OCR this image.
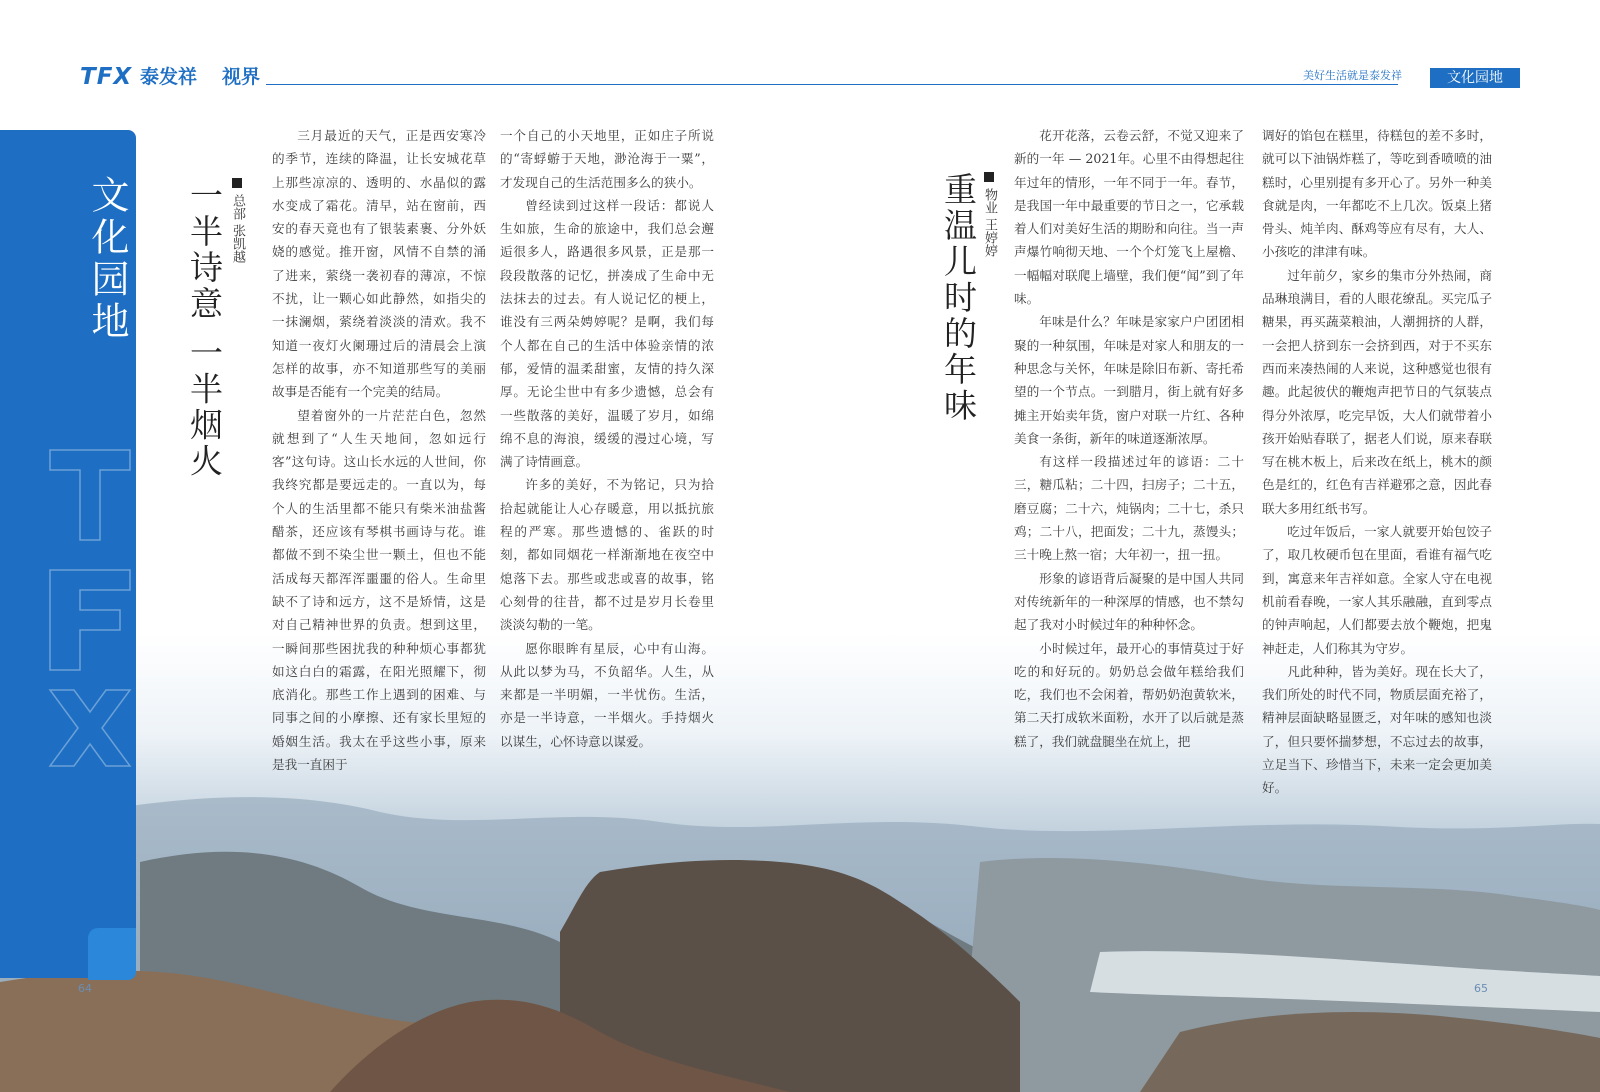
TFX 泰发祥 视界	美好生活就是泰发祥	文化园地
文化园地 一半诗意 一半烟火 总部 张凯越

三月最近的天气，正是西安寒冷的季节，连续的降温，让长安城花草上那些凉凉的、透明的、水晶似的露水变成了霜花。清早，站在窗前，西安的春天竟也有了银装素裹、分外妖娆的感觉。推开窗，风情不自禁的涌了进来，萦绕一袭初春的薄凉，不惊不扰，让一颗心如此静然，如指尖的一抹澜烟，萦绕着淡淡的清欢。我不知道一夜灯火阑珊过后的清晨会上演怎样的故事，亦不知道那些写的美丽故事是否能有一个完美的结局。

望着窗外的一片茫茫白色，忽然就想到了“人生天地间，忽如远行客”这句诗。这山长水远的人世间，你我终究都是要远走的。一直以为，每个人的生活里都不能只有柴米油盐酱醋茶，还应该有琴棋书画诗与花。谁都做不到不染尘世一颗土，但也不能活成每天都浑浑噩噩的俗人。生命里缺不了诗和远方，这不是矫情，这是对自己精神世界的负责。想到这里，一瞬间那些困扰我的种种烦心事都犹如这白白的霜露，在阳光照耀下，彻底消化。那些工作上遇到的困难、与同事之间的小摩擦、还有家长里短的婚姻生活。我太在乎这些小事，原来是我一直困于

一个自己的小天地里，正如庄子所说的“寄蜉蝣于天地，渺沧海于一粟”，才发现自己的生活范围多么的狭小。

曾经读到过这样一段话：都说人生如旅，生命的旅途中，我们总会邂逅很多人，路遇很多风景，正是那一段段散落的记忆，拼凑成了生命中无法抹去的过去。有人说记忆的梗上，谁没有三两朵娉婷呢？是啊，我们每个人都在自己的生活中体验亲情的浓郁，爱情的温柔甜蜜，友情的持久深厚。无论尘世中有多少遗憾，总会有一些散落的美好，温暖了岁月，如绵绵不息的海浪，缓缓的漫过心境，写满了诗情画意。

许多的美好，不为铭记，只为拾拾起就能让人心存暖意，用以抵抗旅程的严寒。那些遗憾的、雀跃的时刻，都如同烟花一样渐渐地在夜空中熄落下去。那些或悲或喜的故事，铭心刻骨的往昔，都不过是岁月长卷里淡淡勾勒的一笔。

愿你眼眸有星辰，心中有山海。从此以梦为马，不负韶华。人生，从来都是一半明媚，一半忧伤。生活，亦是一半诗意，一半烟火。手持烟火以谋生，心怀诗意以谋爱。

重温儿时的年味 物业 王婷婷

花开花落，云卷云舒，不觉又迎来了新的一年 — 2021年。心里不由得想起往年过年的情形，一年不同于一年。春节，是我国一年中最重要的节日之一，它承载着人们对美好生活的期盼和向往。当一声声爆竹响彻天地、一个个灯笼飞上屋檐、一幅幅对联爬上墙壁，我们便“闻”到了年味。

年味是什么？年味是家家户户团团相聚的一种氛围，年味是对家人和朋友的一种思念与关怀，年味是除旧布新、寄托希望的一个节点。一到腊月，街上就有好多摊主开始卖年货，窗户对联一片红、各种美食一条街，新年的味道逐渐浓厚。

有这样一段描述过年的谚语：二十三，糖瓜粘；二十四，扫房子；二十五，磨豆腐；二十六，炖锅肉；二十七，杀只鸡；二十八，把面发；二十九，蒸馒头；三十晚上熬一宿；大年初一，扭一扭。

形象的谚语背后凝聚的是中国人共同对传统新年的一种深厚的情感，也不禁勾起了我对小时候过年的种种怀念。

小时候过年，最开心的事情莫过于好吃的和好玩的。奶奶总会做年糕给我们吃，我们也不会闲着，帮奶奶泡黄软米，第二天打成软米面粉，水开了以后就是蒸糕了，我们就盘腿坐在炕上，把

调好的馅包在糕里，待糕包的差不多时，就可以下油锅炸糕了，等吃到香喷喷的油糕时，心里别提有多开心了。另外一种美食就是肉，一年都吃不上几次。饭桌上猪骨头、炖羊肉、酥鸡等应有尽有，大人、小孩吃的津津有味。

过年前夕，家乡的集市分外热闹，商品琳琅满目，看的人眼花缭乱。买完瓜子糖果，再买蔬菜粮油，人潮拥挤的人群，一会把人挤到东一会挤到西，对于不买东西而来凑热闹的人来说，这种感觉也很有趣。此起彼伏的鞭炮声把节日的气氛装点得分外浓厚，吃完早饭，大人们就带着小孩开始贴春联了，据老人们说，原来春联写在桃木板上，后来改在纸上，桃木的颜色是红的，红色有吉祥避邪之意，因此春联大多用红纸书写。

吃过年饭后，一家人就要开始包饺子了，取几枚硬币包在里面，看谁有福气吃到，寓意来年吉祥如意。全家人守在电视机前看春晚，一家人其乐融融，直到零点的钟声响起，人们都要去放个鞭炮，把鬼神赶走，人们称其为守岁。

凡此种种，皆为美好。现在长大了，我们所处的时代不同，物质层面充裕了，精神层面缺略显匮乏，对年味的感知也淡了，但只要怀揣梦想，不忘过去的故事，立足当下、珍惜当下，未来一定会更加美好。

64	65
